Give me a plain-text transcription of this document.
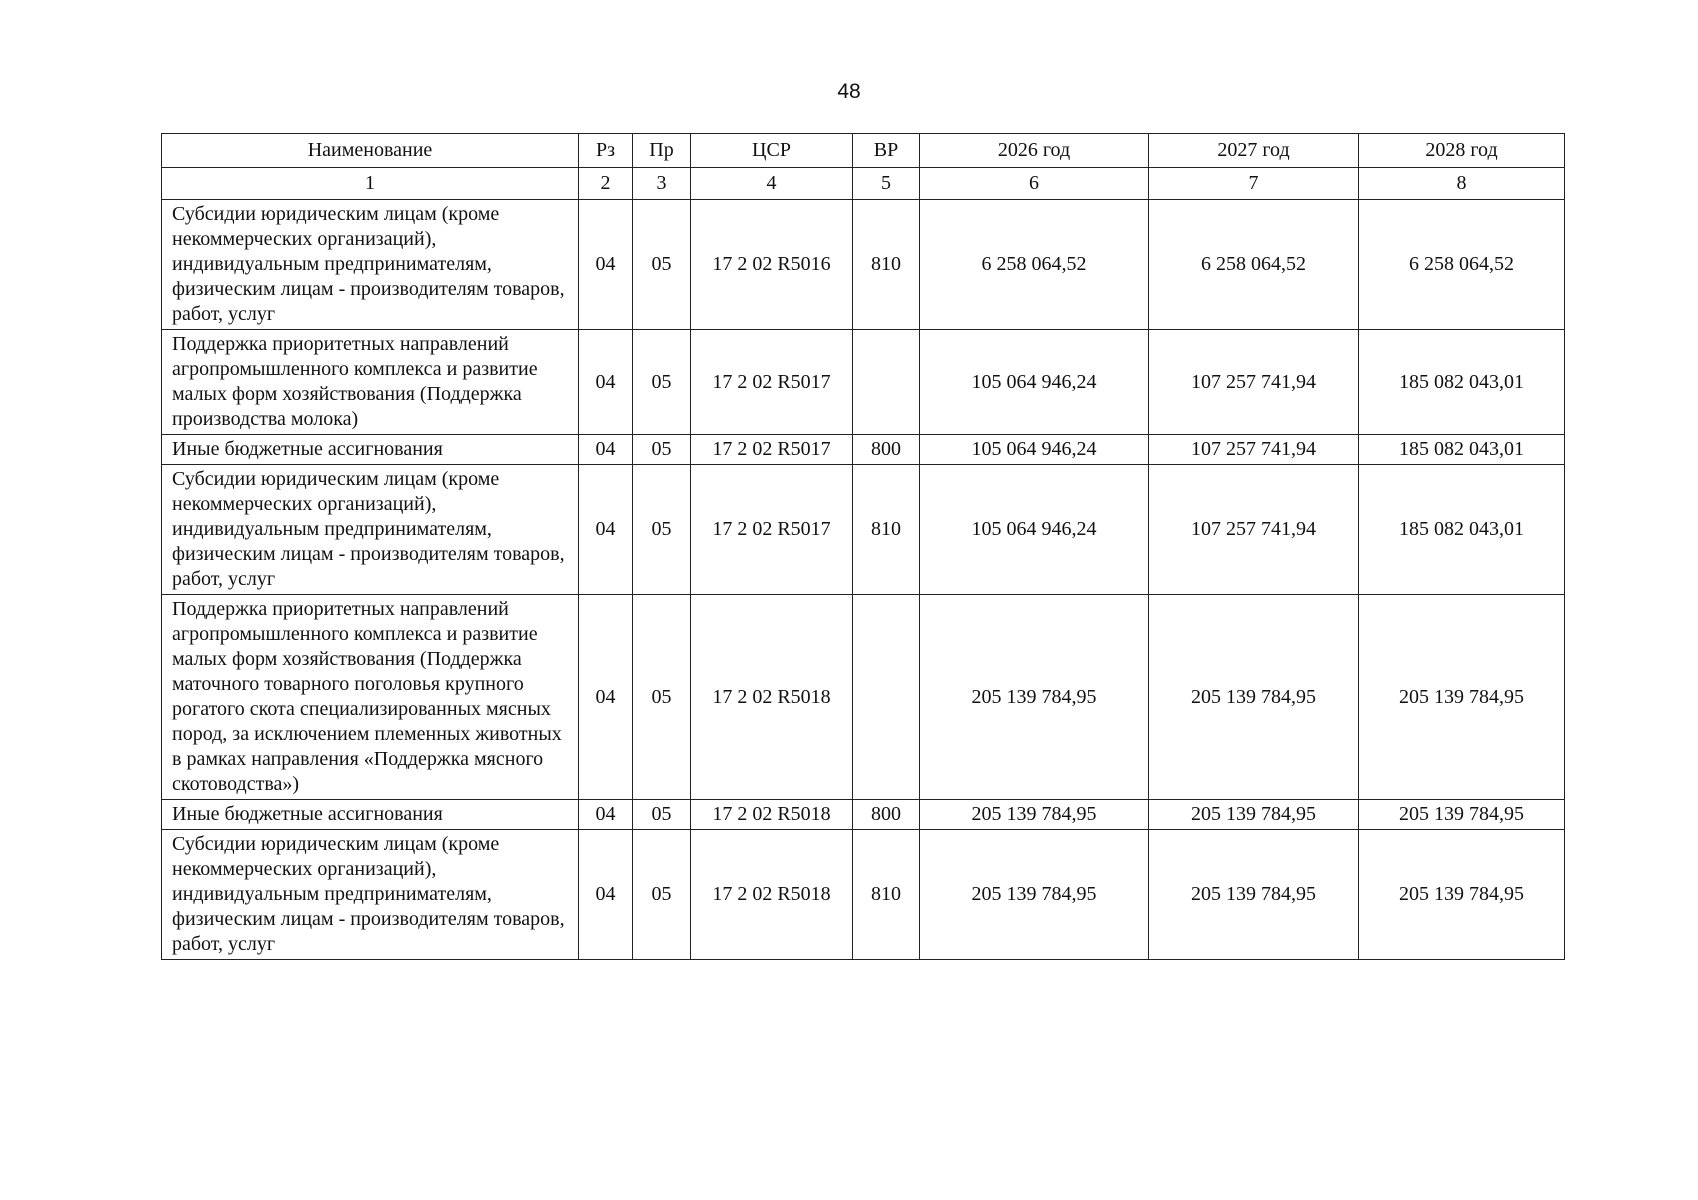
48
Наименование	Рз	Пр	ЦСР	ВР	2026 год	2027 год	2028 год
1	2	3	4	5	6	7	8
Субсидии юридическим лицам (кроме некоммерческих организаций), индивидуальным предпринимателям, физическим лицам - производителям товаров, работ, услуг	04	05	17 2 02 R5016	810	6 258 064,52	6 258 064,52	6 258 064,52
Поддержка приоритетных направлений агропромышленного комплекса и развитие малых форм хозяйствования (Поддержка производства молока)	04	05	17 2 02 R5017		105 064 946,24	107 257 741,94	185 082 043,01
Иные бюджетные ассигнования	04	05	17 2 02 R5017	800	105 064 946,24	107 257 741,94	185 082 043,01
Субсидии юридическим лицам (кроме некоммерческих организаций), индивидуальным предпринимателям, физическим лицам - производителям товаров, работ, услуг	04	05	17 2 02 R5017	810	105 064 946,24	107 257 741,94	185 082 043,01
Поддержка приоритетных направлений агропромышленного комплекса и развитие малых форм хозяйствования (Поддержка маточного товарного поголовья крупного рогатого скота специализированных мясных пород, за исключением племенных животных в рамках направления «Поддержка мясного скотоводства»)	04	05	17 2 02 R5018		205 139 784,95	205 139 784,95	205 139 784,95
Иные бюджетные ассигнования	04	05	17 2 02 R5018	800	205 139 784,95	205 139 784,95	205 139 784,95
Субсидии юридическим лицам (кроме некоммерческих организаций), индивидуальным предпринимателям, физическим лицам - производителям товаров, работ, услуг	04	05	17 2 02 R5018	810	205 139 784,95	205 139 784,95	205 139 784,95
